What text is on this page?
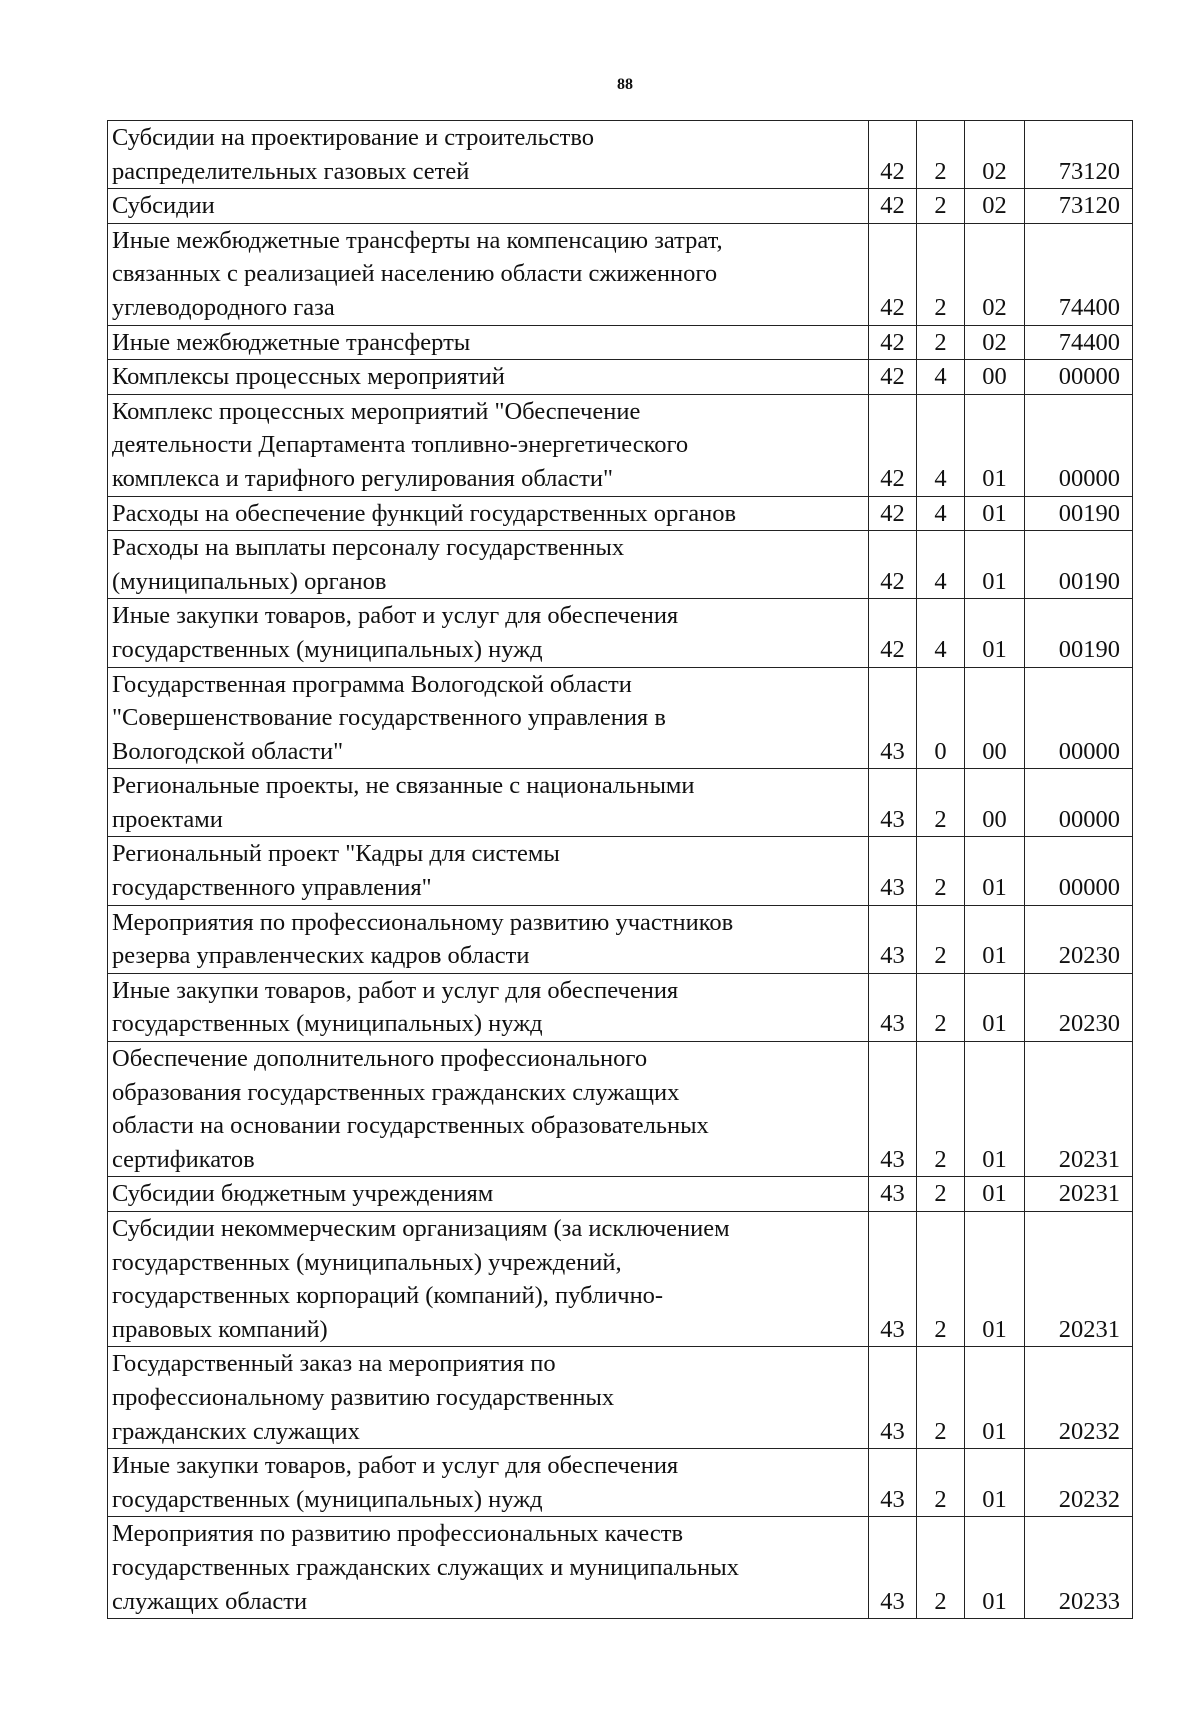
88
Субсидии на проектирование и строительство
распределительных газовых сетей	42	2	02	73120
Субсидии	42	2	02	73120
Иные межбюджетные трансферты на компенсацию затрат,
связанных с реализацией населению области сжиженного
углеводородного газа	42	2	02	74400
Иные межбюджетные трансферты	42	2	02	74400
Комплексы процессных мероприятий	42	4	00	00000
Комплекс процессных мероприятий "Обеспечение
деятельности Департамента топливно-энергетического
комплекса и тарифного регулирования области"	42	4	01	00000
Расходы на обеспечение функций государственных органов	42	4	01	00190
Расходы на выплаты персоналу государственных
(муниципальных) органов	42	4	01	00190
Иные закупки товаров, работ и услуг для обеспечения
государственных (муниципальных) нужд	42	4	01	00190
Государственная программа Вологодской области
"Совершенствование государственного управления в
Вологодской области"	43	0	00	00000
Региональные проекты, не связанные с национальными
проектами	43	2	00	00000
Региональный проект "Кадры для системы
государственного управления"	43	2	01	00000
Мероприятия по профессиональному развитию участников
резерва управленческих кадров области	43	2	01	20230
Иные закупки товаров, работ и услуг для обеспечения
государственных (муниципальных) нужд	43	2	01	20230
Обеспечение дополнительного профессионального
образования государственных гражданских служащих
области на основании государственных образовательных
сертификатов	43	2	01	20231
Субсидии бюджетным учреждениям	43	2	01	20231
Субсидии некоммерческим организациям (за исключением
государственных (муниципальных) учреждений,
государственных корпораций (компаний), публично-
правовых компаний)	43	2	01	20231
Государственный заказ на мероприятия по
профессиональному развитию государственных
гражданских служащих	43	2	01	20232
Иные закупки товаров, работ и услуг для обеспечения
государственных (муниципальных) нужд	43	2	01	20232
Мероприятия по развитию профессиональных качеств
государственных гражданских служащих и муниципальных
служащих области	43	2	01	20233
